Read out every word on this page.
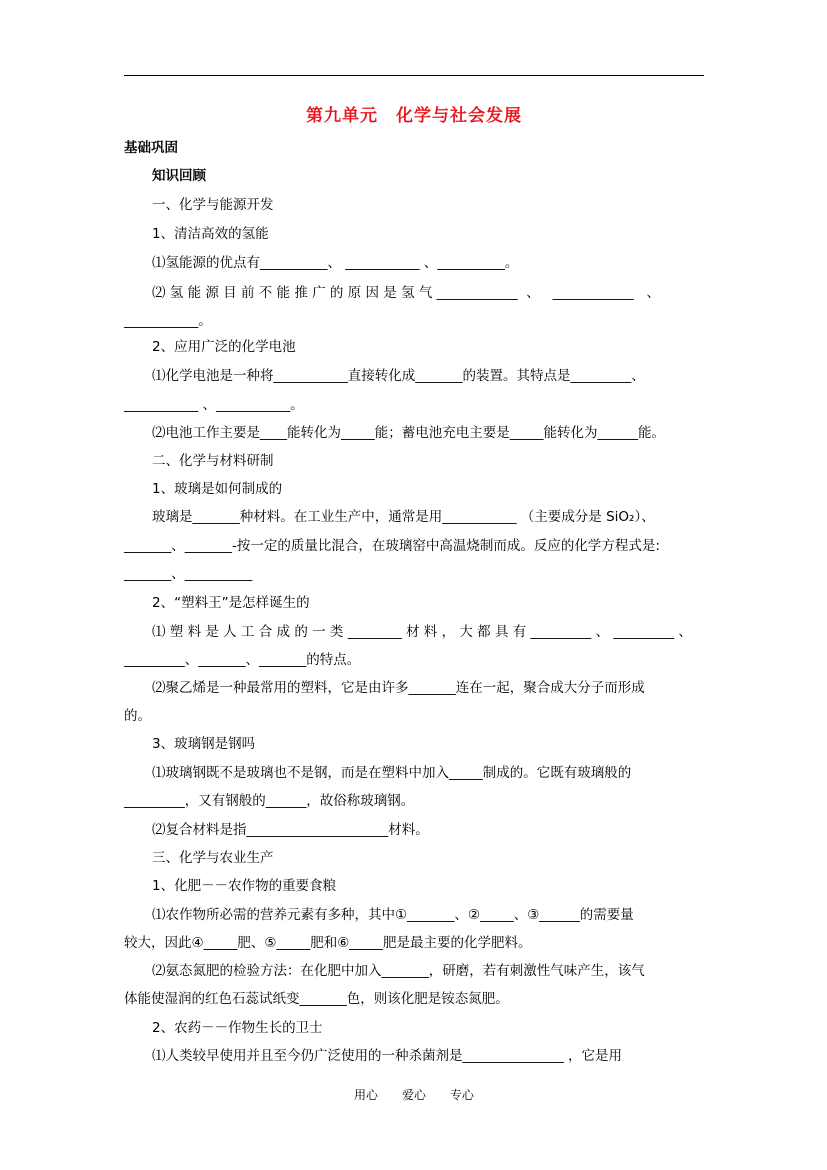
第九单元　化学与社会发展
基础巩固
知识回顾
一、化学与能源开发
1、清洁高效的氢能
⑴氢能源的优点有__________、 ___________ 、__________。
⑵ 氢 能 源 目 前 不 能 推 广 的 原 因 是 氢 气 ____________  、   ____________   、
___________。
2、应用广泛的化学电池
⑴化学电池是一种将___________直接转化成_______的装置。其特点是_________、
___________ 、___________。
⑵电池工作主要是____能转化为_____能；蓄电池充电主要是_____能转化为______能。
二、化学与材料研制
1、玻璃是如何制成的
玻璃是_______种材料。在工业生产中，通常是用___________ （主要成分是 SiO₂）、
_______、_______-按一定的质量比混合，在玻璃窑中高温烧制而成。反应的化学方程式是:
_______、__________
2、“塑料王”是怎样诞生的
⑴ 塑 料 是 人 工 合 成 的 一 类 ________ 材 料 ， 大 都 具 有 _________ 、 _________ 、
_________、_______、_______的特点。
⑵聚乙烯是一种最常用的塑料，它是由许多_______连在一起，聚合成大分子而形成
的。
3、玻璃钢是钢吗
⑴玻璃钢既不是玻璃也不是钢，而是在塑料中加入_____制成的。它既有玻璃般的
_________，又有钢般的______，故俗称玻璃钢。
⑵复合材料是指_____________________材料。
三、化学与农业生产
1、化肥－－农作物的重要食粮
⑴农作物所必需的营养元素有多种，其中①_______、②_____、③______的需要量
较大，因此④_____肥、⑤_____肥和⑥_____肥是最主要的化学肥料。
⑵氨态氮肥的检验方法：在化肥中加入_______，研磨，若有刺激性气味产生，该气
体能使湿润的红色石蕊试纸变_______色，则该化肥是铵态氮肥。
2、农药－－作物生长的卫士
⑴人类较早使用并且至今仍广泛使用的一种杀菌剂是_______________ ，它是用
用心　　爱心　　专心
